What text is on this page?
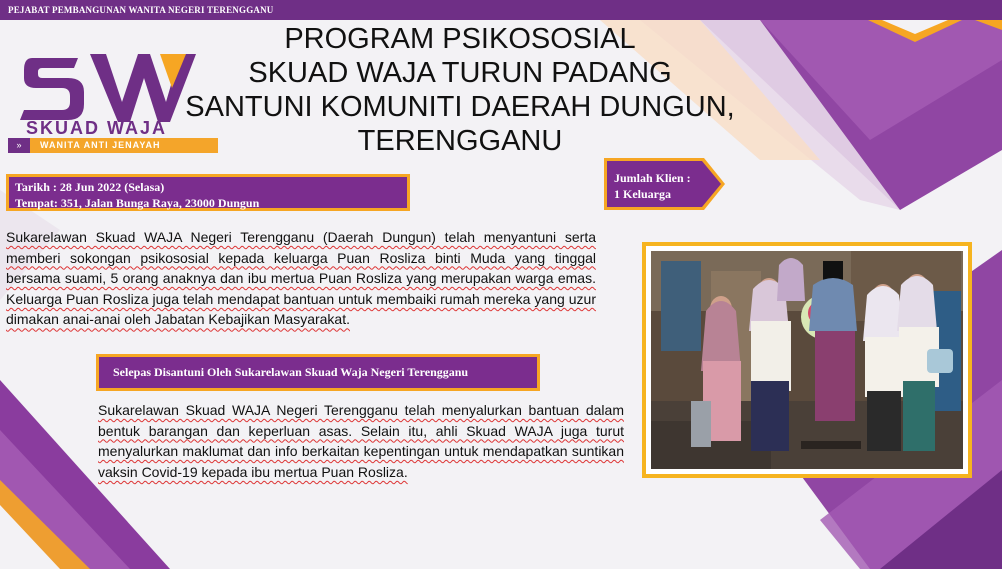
PEJABAT PEMBANGUNAN WANITA NEGERI TERENGGANU
SKUAD WAJA
»	WANITA ANTI JENAYAH
PROGRAM PSIKOSOSIAL
SKUAD WAJA TURUN PADANG
SANTUNI KOMUNITI DAERAH DUNGUN,
TERENGGANU
Tarikh : 28 Jun 2022 (Selasa)
Tempat: 351, Jalan Bunga Raya, 23000 Dungun
Jumlah Klien :
1 Keluarga

Sukarelawan Skuad WAJA Negeri Terengganu (Daerah Dungun) telah menyantuni serta memberi sokongan psikososial kepada keluarga Puan Rosliza binti Muda yang tinggal bersama suami, 5 orang anaknya dan ibu mertua Puan Rosliza yang merupakan warga emas. Keluarga Puan Rosliza juga telah mendapat bantuan untuk membaiki rumah mereka yang uzur dimakan anai-anai oleh Jabatan Kebajikan Masyarakat.

Selepas Disantuni Oleh Sukarelawan Skuad Waja Negeri Terengganu

Sukarelawan Skuad WAJA Negeri Terengganu telah menyalurkan bantuan dalam bentuk barangan dan keperluan asas. Selain itu, ahli Skuad WAJA juga turut menyalurkan maklumat dan info berkaitan kepentingan untuk mendapatkan suntikan vaksin Covid-19 kepada ibu mertua Puan Rosliza.
